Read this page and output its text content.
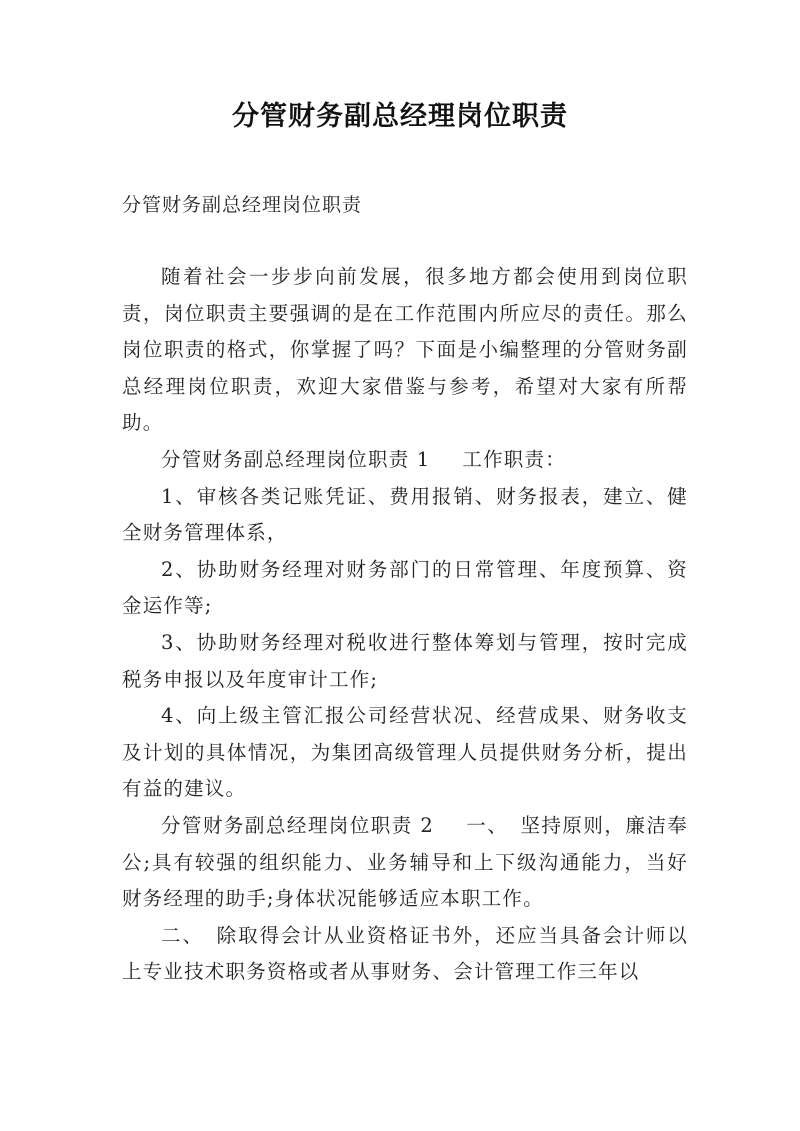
分管财务副总经理岗位职责

分管财务副总经理岗位职责

随着社会一步步向前发展，很多地方都会使用到岗位职责，岗位职责主要强调的是在工作范围内所应尽的责任。那么岗位职责的格式，你掌握了吗？下面是小编整理的分管财务副总经理岗位职责，欢迎大家借鉴与参考，希望对大家有所帮助。

分管财务副总经理岗位职责 1 工作职责：

1、审核各类记账凭证、费用报销、财务报表，建立、健全财务管理体系，

2、协助财务经理对财务部门的日常管理、年度预算、资金运作等;

3、协助财务经理对税收进行整体筹划与管理，按时完成税务申报以及年度审计工作;

4、向上级主管汇报公司经营状况、经营成果、财务收支及计划的具体情况，为集团高级管理人员提供财务分析，提出有益的建议。

分管财务副总经理岗位职责 2 一、 坚持原则，廉洁奉公;具有较强的组织能力、业务辅导和上下级沟通能力，当好财务经理的助手;身体状况能够适应本职工作。

二、 除取得会计从业资格证书外，还应当具备会计师以上专业技术职务资格或者从事财务、会计管理工作三年以
